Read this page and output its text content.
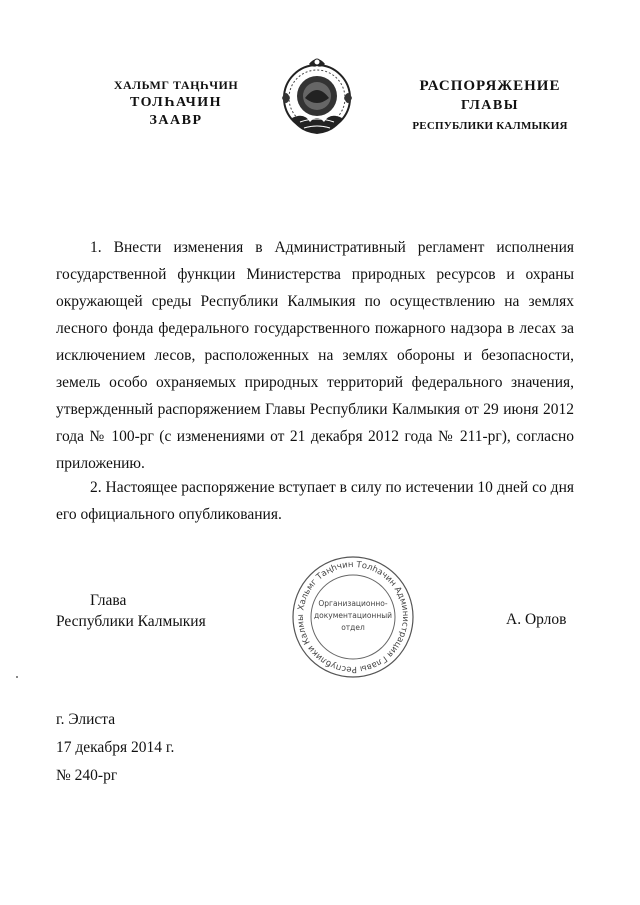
ХАЛЬМГ ТАҢҺЧИН
ТОЛҺАЧИН
ЗААВР
РАСПОРЯЖЕНИЕ
ГЛАВЫ
РЕСПУБЛИКИ КАЛМЫКИЯ
1. Внести изменения в Административный регламент исполнения государственной функции Министерства природных ресурсов и охраны окружающей среды Республики Калмыкия по осуществлению на землях лесного фонда федерального государственного пожарного надзора в лесах за исключением лесов, расположенных на землях обороны и безопасности, земель особо охраняемых природных территорий федерального значения, утвержденный распоряжением Главы Республики Калмыкия от 29 июня 2012 года № 100-рг (с изменениями от 21 декабря 2012 года № 211-рг), согласно приложению.
2. Настоящее распоряжение вступает в силу по истечении 10 дней со дня его официального опубликования.
Глава
Республики Калмыкия
Хальмг Таңһчин Толһачин Администрация Главы Республики Калмы
Организационно-
документационный
отдел	А. Орлов
г. Элиста
17 декабря 2014 г.
№ 240-рг
